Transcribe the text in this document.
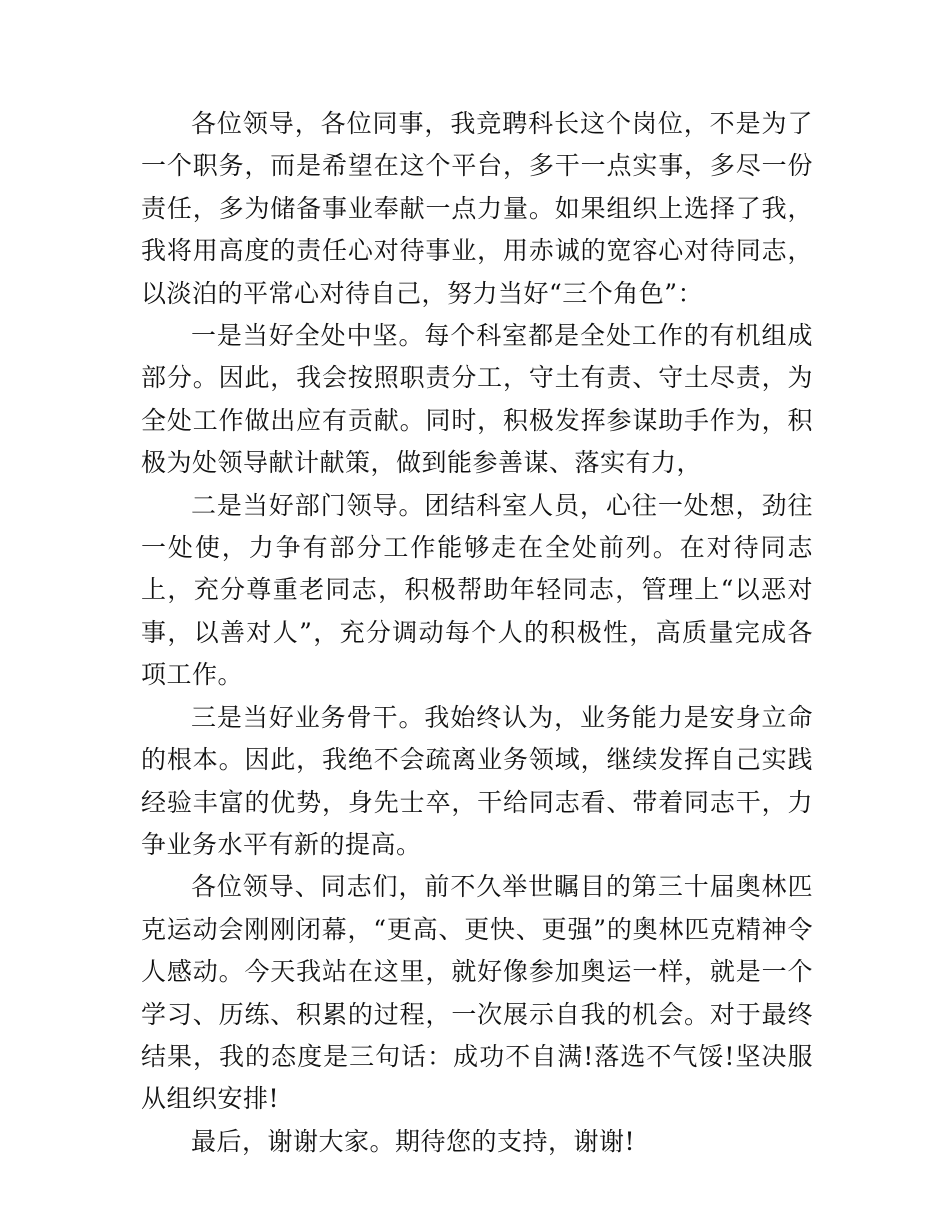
各位领导，各位同事，我竞聘科长这个岗位，不是为了一个职务，而是希望在这个平台，多干一点实事，多尽一份责任，多为储备事业奉献一点力量。如果组织上选择了我，我将用高度的责任心对待事业，用赤诚的宽容心对待同志，以淡泊的平常心对待自己，努力当好“三个角色”：

一是当好全处中坚。每个科室都是全处工作的有机组成部分。因此，我会按照职责分工，守土有责、守土尽责，为全处工作做出应有贡献。同时，积极发挥参谋助手作为，积极为处领导献计献策，做到能参善谋、落实有力，

二是当好部门领导。团结科室人员，心往一处想，劲往一处使，力争有部分工作能够走在全处前列。在对待同志上，充分尊重老同志，积极帮助年轻同志，管理上“以恶对事，以善对人”，充分调动每个人的积极性，高质量完成各项工作。

三是当好业务骨干。我始终认为，业务能力是安身立命的根本。因此，我绝不会疏离业务领域，继续发挥自己实践经验丰富的优势，身先士卒，干给同志看、带着同志干，力争业务水平有新的提高。

各位领导、同志们，前不久举世瞩目的第三十届奥林匹克运动会刚刚闭幕，“更高、更快、更强”的奥林匹克精神令人感动。今天我站在这里，就好像参加奥运一样，就是一个学习、历练、积累的过程，一次展示自我的机会。对于最终结果，我的态度是三句话：成功不自满!落选不气馁!坚决服从组织安排!

最后，谢谢大家。期待您的支持，谢谢!
